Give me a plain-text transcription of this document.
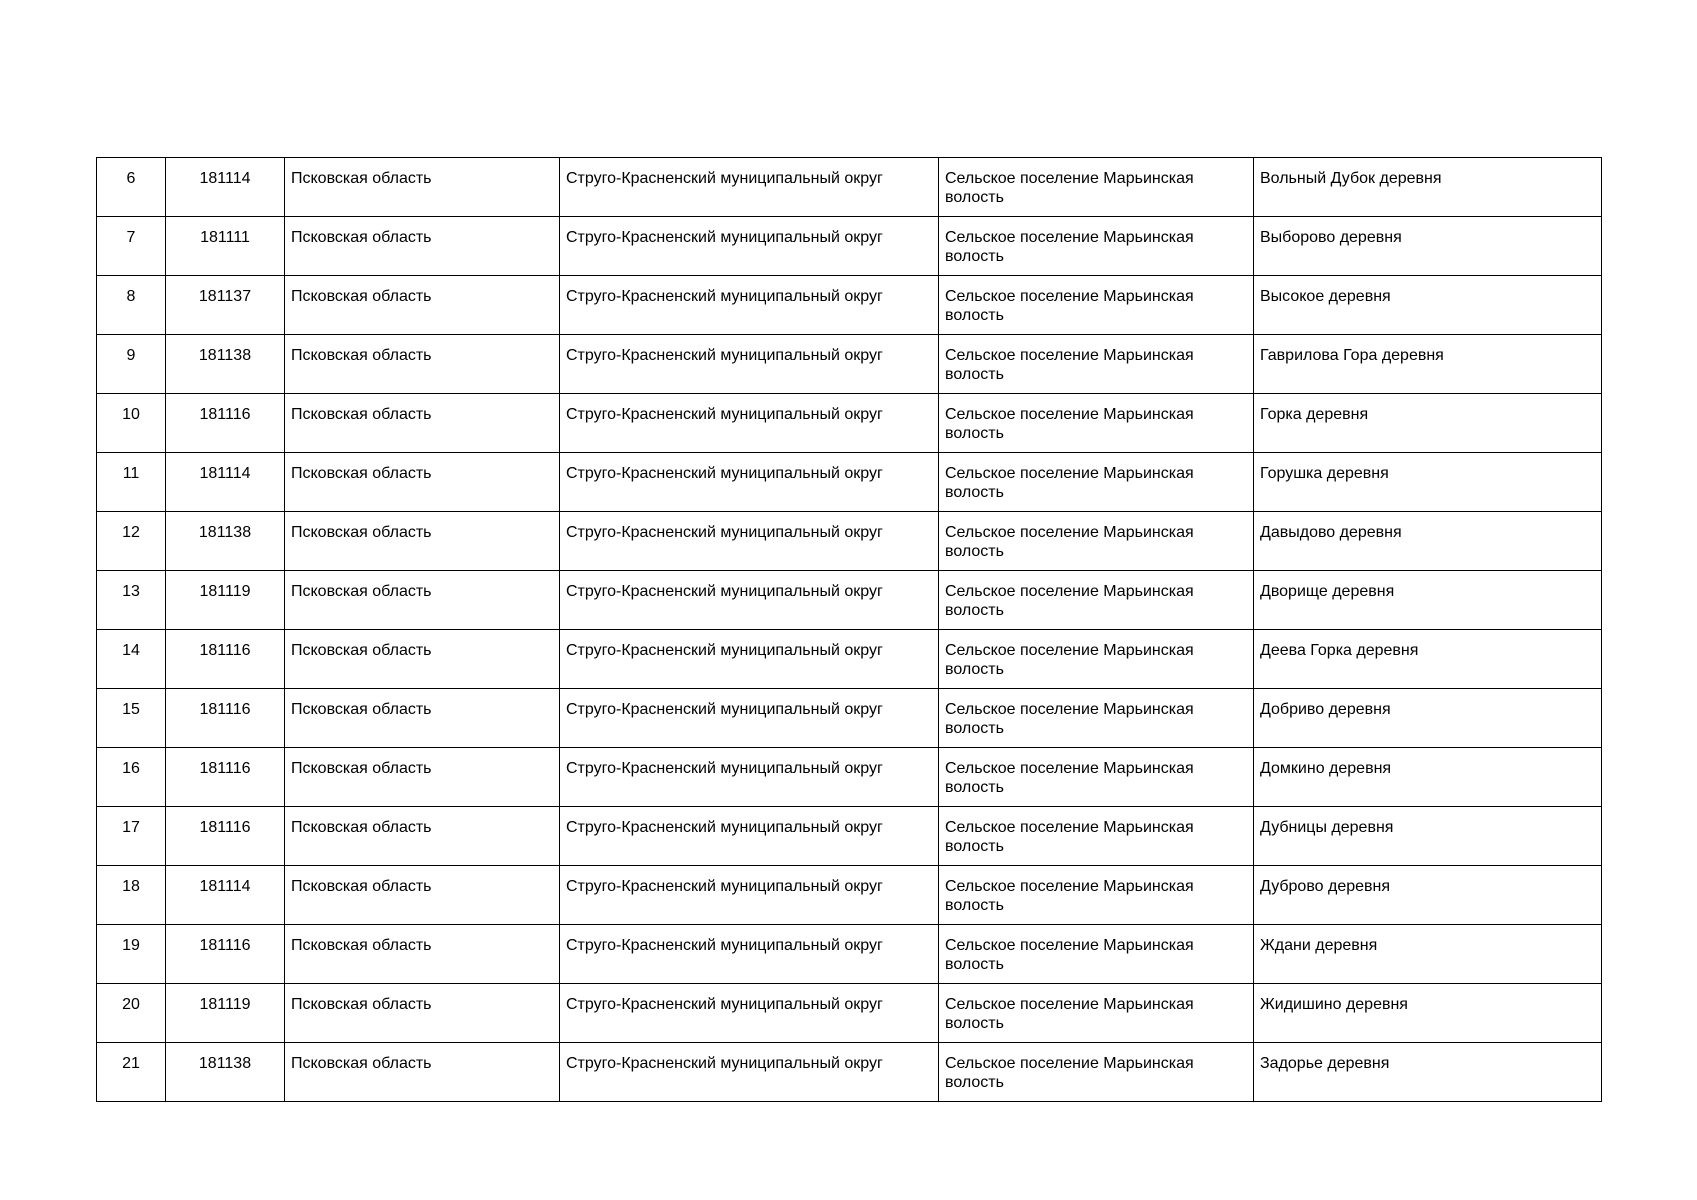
6	181114	Псковская область	Струго-Красненский муниципальный округ	Сельское поселение Марьинская волость	Вольный Дубок деревня

7	181111	Псковская область	Струго-Красненский муниципальный округ	Сельское поселение Марьинская волость	Выборово деревня

8	181137	Псковская область	Струго-Красненский муниципальный округ	Сельское поселение Марьинская волость	Высокое деревня

9	181138	Псковская область	Струго-Красненский муниципальный округ	Сельское поселение Марьинская волость	Гаврилова Гора деревня

10	181116	Псковская область	Струго-Красненский муниципальный округ	Сельское поселение Марьинская волость	Горка деревня

11	181114	Псковская область	Струго-Красненский муниципальный округ	Сельское поселение Марьинская волость	Горушка деревня

12	181138	Псковская область	Струго-Красненский муниципальный округ	Сельское поселение Марьинская волость	Давыдово деревня

13	181119	Псковская область	Струго-Красненский муниципальный округ	Сельское поселение Марьинская волость	Дворище деревня

14	181116	Псковская область	Струго-Красненский муниципальный округ	Сельское поселение Марьинская волость	Деева Горка деревня

15	181116	Псковская область	Струго-Красненский муниципальный округ	Сельское поселение Марьинская волость	Добриво деревня

16	181116	Псковская область	Струго-Красненский муниципальный округ	Сельское поселение Марьинская волость	Домкино деревня

17	181116	Псковская область	Струго-Красненский муниципальный округ	Сельское поселение Марьинская волость	Дубницы деревня

18	181114	Псковская область	Струго-Красненский муниципальный округ	Сельское поселение Марьинская волость	Дуброво деревня

19	181116	Псковская область	Струго-Красненский муниципальный округ	Сельское поселение Марьинская волость	Ждани деревня

20	181119	Псковская область	Струго-Красненский муниципальный округ	Сельское поселение Марьинская волость	Жидишино деревня

21	181138	Псковская область	Струго-Красненский муниципальный округ	Сельское поселение Марьинская волость	Задорье деревня
